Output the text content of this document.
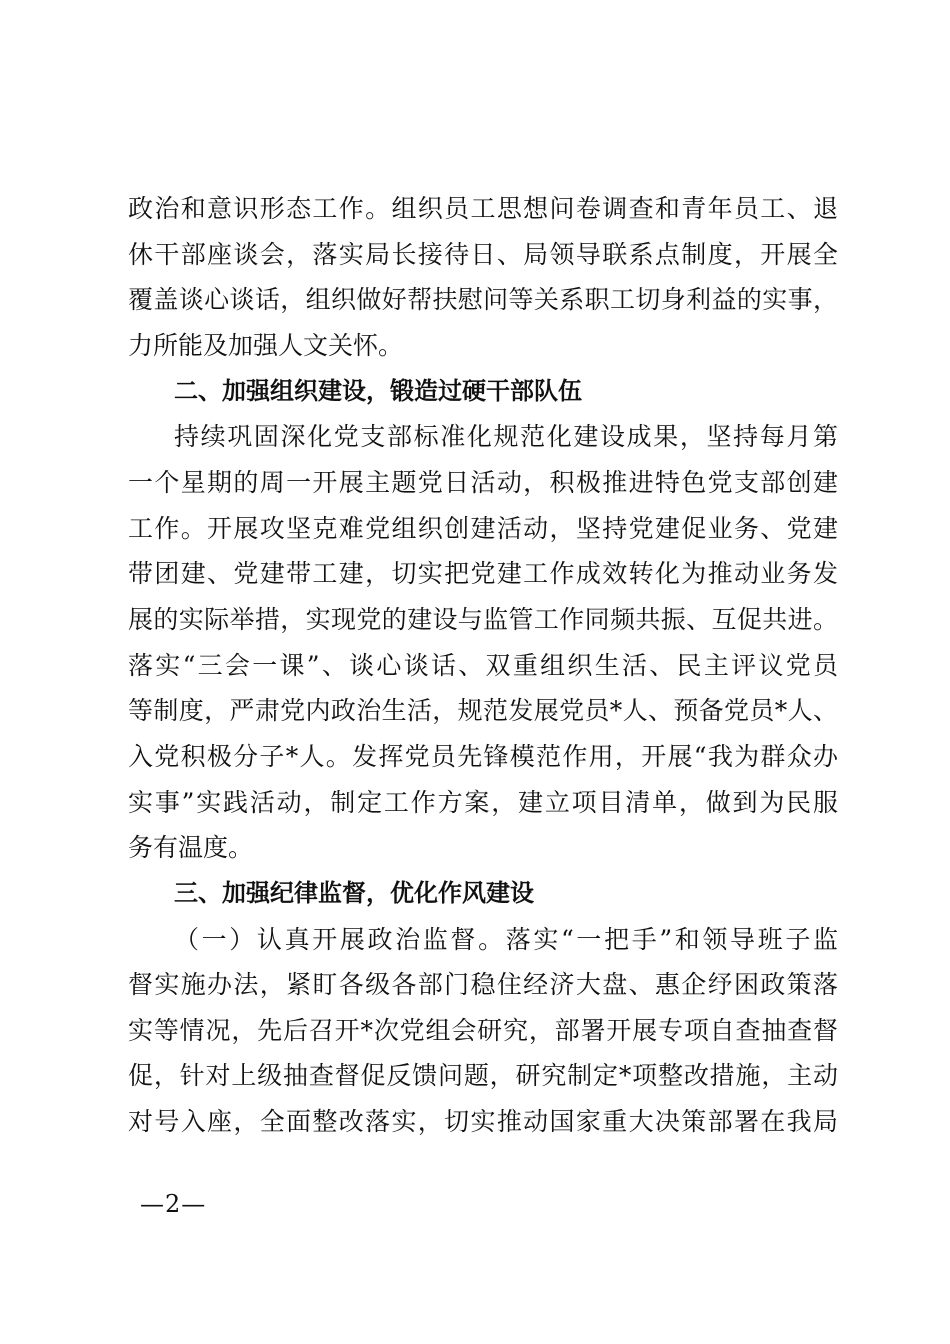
政治和意识形态工作。组织员工思想问卷调查和青年员工、退
休干部座谈会，落实局长接待日、局领导联系点制度，开展全
覆盖谈心谈话，组织做好帮扶慰问等关系职工切身利益的实事，
力所能及加强人文关怀。
二、加强组织建设，锻造过硬干部队伍
持续巩固深化党支部标准化规范化建设成果，坚持每月第
一个星期的周一开展主题党日活动，积极推进特色党支部创建
工作。开展攻坚克难党组织创建活动，坚持党建促业务、党建
带团建、党建带工建，切实把党建工作成效转化为推动业务发
展的实际举措，实现党的建设与监管工作同频共振、互促共进。
落实“三会一课”、谈心谈话、双重组织生活、民主评议党员
等制度，严肃党内政治生活，规范发展党员*人、预备党员*人、
入党积极分子*人。发挥党员先锋模范作用，开展“我为群众办
实事”实践活动，制定工作方案，建立项目清单，做到为民服
务有温度。
三、加强纪律监督，优化作风建设
（一）认真开展政治监督。落实“一把手”和领导班子监
督实施办法，紧盯各级各部门稳住经济大盘、惠企纾困政策落
实等情况，先后召开*次党组会研究，部署开展专项自查抽查督
促，针对上级抽查督促反馈问题，研究制定*项整改措施，主动
对号入座，全面整改落实，切实推动国家重大决策部署在我局
—2—
